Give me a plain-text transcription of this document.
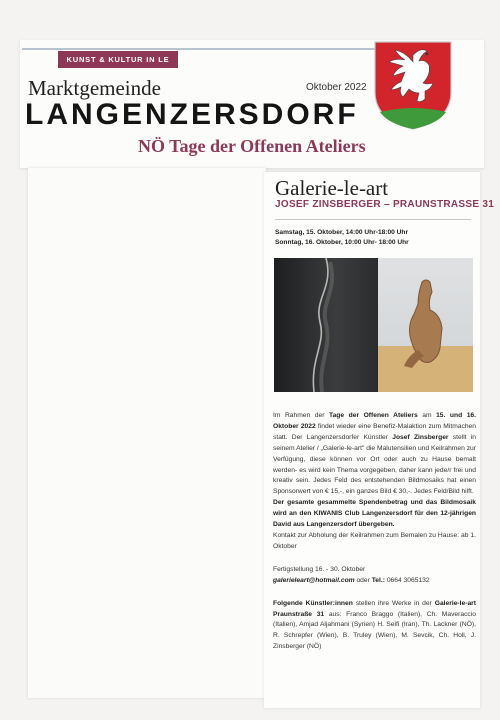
KUNST & KULTUR IN LE
Marktgemeinde	Oktober 2022
LANGENZERSDORF
NÖ Tage der Offenen Ateliers
Galerie-le-art
JOSEF ZINSBERGER – PRAUNSTRASSE 31
Samstag, 15. Oktober, 14:00 Uhr-18:00 Uhr
Sonntag, 16. Oktober, 10:00 Uhr- 18:00 Uhr

Im Rahmen der Tage der Offenen Ateliers am 15. und 16. Oktober 2022 findet wieder eine Benefiz-Malaktion zum Mitmachen statt. Der Langenzersdorfer Künstler Josef Zinsberger stellt in seinem Atelier / „Galerie-le-art" die Malutensilien und Keilrahmen zur Verfügung, diese können vor Ort oder auch zu Hause bemalt werden- es wird kein Thema vorgegeben, daher kann jede/r frei und kreativ sein. Jedes Feld des entstehenden Bildmosaiks hat einen Sponsorwert von € 15,-, ein ganzes Bild € 30,-. Jedes Feld/Bild hilft.

Der gesamte gesammelte Spendenbetrag und das Bildmosaik wird an den KIWANIS Club Langenzersdorf für den 12-jährigen David aus Langenzersdorf übergeben.

Kontakt zur Abholung der Keilrahmen zum Bemalen zu Hause: ab 1. Oktober

Fertigstellung 16. - 30. Oktober

galerieleart@hotmail.com oder Tel.: 0664 3065132

Folgende Künstler:innen stellen ihre Werke in der Galerie-le-art Praunstraße 31 aus: Franco Braggo (Italien), Ch. Maveraccio (Italien), Amjad Aljahmani (Syrien) H. Seifi (Iran), Th. Lackner (NÖ), R. Schrepfer (Wien), B. Truley (Wien), M. Sevcik, Ch. Holl, J. Zinsberger (NÖ)
